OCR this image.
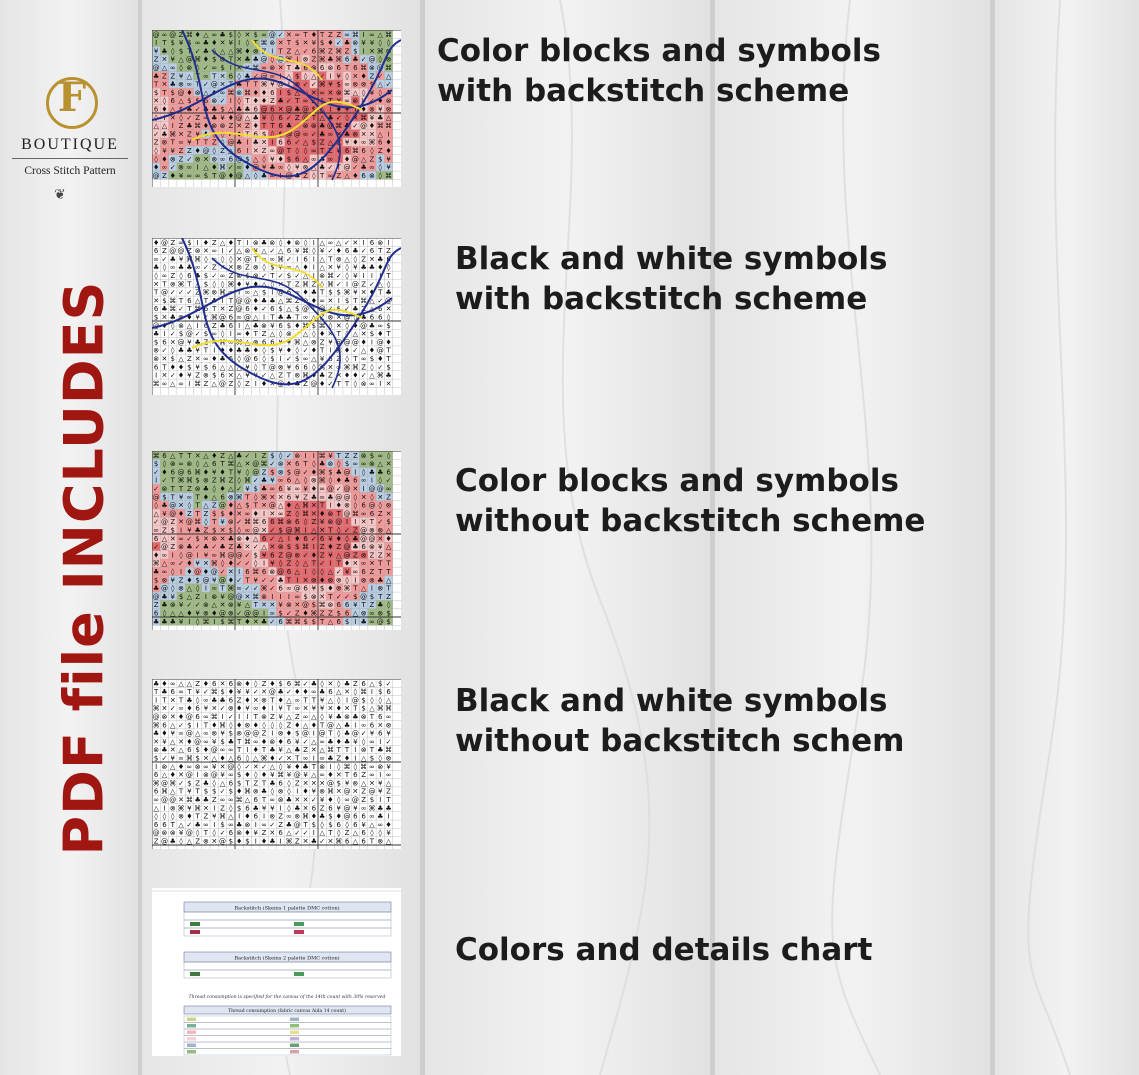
F
BOUTIQUE
Cross Stitch Pattern
❦
PDF file INCLUDES
@ ∞ @ Z ⌘ ♦ △ ∞ ♣ $ ◊ ✕ $ ∞ @ ✓ ✕ ∞ T ♦ T Z Z ∞ ⌘ I ∞ △ ⌘
I T $ ¥ $ ∞ ♣ ♦ ✕ ¥ I ◊ T ⌘ ⊗ ✕ T $ ✕ ¥ $ ♦ ✓ ♣ ⊗ ¥ ¥ ◊ ◊
¥ ♣ ◊ $ T ✓ ♣ ◊ △ △ ⌘ ♦ ⊗ Z I T Z △ ✓ 6 ⌘ Z ⌘ Z $ I ✕ ⌘ ⊗
Z ✕ ¥ △ @ ⌘ ♦ $ ⊗ T ✕ ♣ ♣ @ ◊ @ ⌘ I ⊗ Z ⌘ ♣ ⌘ 6 ♣ ✓ @ ◊ ⊗
@ △ ∞ ◊ ⊗ ◊ ✓ ∞ $ I ✕ ✕ ⌘ ∞ ⊗ ✕ T ♣ 6 ⊗ 6 ⊗ 6 T 6 ⌘ ⊗ @ ⌘
♣ Z Z ¥ △ T ∞ T ✕ 6 ◊ ♣ ✓ @ ∞ I △ $ ◊ △ ✓ I ¥ ◊ ✕ ♦ Z ✓ △
T ✕ ♣ ⊗ ∞ T ✓ @ ✕ T ♣ T T ⌘ ¥ @ I ⊗ ✓ ✓ ⌘ ¥ $ ∞ ⊗ ⊗ $ △ ✓
$ T $ @ ♦ ⊗ △ ♦ ∞ ⌘ ⊗ ⌘ ♦ ♦ 6 I $ △ ∞ ✕ ∞ ✕ ⊗ ⌘ △ ◊ ¥ ◊ ♣
✕ ◊ 6 △ $ $ 6 ⊗ ✓ I ◊ T ♦ ♦ Z ♣ ✓ T ∞ Z ◊ T ✕ ∞ ⊗ ¥ ✓ ♦ ⊗
6 ♦ △ $ ♣ ✓ ♣ ♣ $ △ ♣ ♣ 6 @ 6 ✕ @ ♣ @ $ △ I ♦ ¥ I ♦ ⊗ ¥ ⊗
◊ I ✕ ◊ ✓ Z ∞ ♣ ¥ ♦ @ △ ♣ ¥ ◊ 6 ✓ Z @ T △ ♣ ✓ ◊ ✕ ⌘ ¥ ♣ △
△ △ I Z ♣ ⌘ ♦ ⊗ ⊗ Z ✕ Z ♦ T T 6 ♣ ✓ ⊗ ⊗ ♣ @ ⌘ ♣ ✓ @ ♦ ⌘ ⌘
✓ ♣ ⌘ ✕ Z ¥ ♣ ◊ ◊ ✓ ♦ T 6 $ ◊ $ @ @ ∞ ✓ ♣ ∞ ✕ ♣ ⊗ ✕ ✕ △ I
Z ⊗ T ∞ ¥ T T Z ◊ @ ♣ I ♣ ✕ I 6 6 ✓ △ $ Z △ Z ¥ ♦ ∞ ⌘ 6 ♦
◊ ¥ ¥ Z Z ♦ @ ◊ Z △ 6 I ✕ Z ∞ @ T ◊ ◊ ∞ T Z ¥ 6 ⌘ 6 ◊ Z ♦
◊ ♦ ⊗ Z ✓ ⊗ ✕ ⊗ ∞ 6 @ $ △ ◊ ¥ ♦ $ 6 △ ∞ ♣ ∞ I ♦ @ △ Z $ ¥
♦ ∞ ✓ ⊗ ∞ I △ ♦ ⌘ ✓ ∞ ♦ @ ¥ ♣ ∞ ◊ ¥ ⊗ △ ♣ ✓ T @ ✓ ♣ ∞ ◊ ¥
@ Z ♦ ¥ ∞ ∞ $ T @ ♦ @ △ ◊ ♣ ∞ I @ ♣ Z ◊ T ∞ Z △ ♦ 6 ⊗ ◊ ⌘
♦ @ Z ∞ $ I ♦ Z △ ♦ T I ⊗ ♣ ⊗ ◊ ♦ ⊗ ◊ I △ ∞ △ ✓ ✕ I 6 ⊗ I
6 Z @ @ Z ⊗ ✕ ∞ I ✓ △ ⊗ ¥ △ ✓ △ 6 ¥ ⌘ ◊ ¥ ✓ ♦ 6 ♣ ✓ 6 T Z
∞ ✓ ♣ ¥ ⌘ ⌘ ◊ ∞ ◊ ◊ ✕ @ T ∞ ∞ ⌘ ✓ I 6 I △ T ⊗ △ ◊ Z ✕ ♣ 6
♣ ◊ ∞ ♣ ♣ ∞ ✓ Z ✕ ✕ ⊗ Z ⊗ ◊ $ ¥ ∞ △ ♦ I △ ✕ ¥ ◊ ¥ ♣ ♣ ♦ ◊
◊ ∞ Z ◊ 6 ♣ $ ✓ ∞ Z ⊗ $ ⊗ ✓ T ✓ $ ✓ △ I ⊗ ⌘ ✓ ◊ ¥ I I I T
✕ T ⊗ ⌘ T △ $ ◊ ◊ ⌘ ♦ ¥ ♦ △ ◊ ✕ T Z ⌘ Z ◊ ⌘ ✓ I @ Z ✓ △ ◊
T @ ✓ ✓ ✓ Z ⌘ ⊗ ⌘ ∞ T ∞ △ $ I @ 6 ∞ ♦ ♣ T $ $ ⌘ ¥ ✕ ♦ T ♣
✕ $ ⌘ T 6 △ T ♣ I T @ @ ♦ ♣ ♣ △ ⌘ Z ⊗ ♦ ∞ ✕ I $ T ⌘ △ ✓ @
6 ♣ ⌘ ✓ T ⌘ 6 T ✕ Z @ 6 ♦ ✓ 6 $ △ $ @ T @ ✓ $ ✓ ♣ Z △ 6 ✕
$ ✕ ♣ ⊗ ♦ ¥ ✓ ⌘ @ 6 ∞ @ △ I T ♣ ♣ T ∞ △ Z ⊗ ✕ @ ◊ ♣ 6 6 ◊
@ ♦ ◊ ⊗ △ I 6 Z ♣ 6 I △ ♣ ⊗ ¥ 6 $ ♦ ⌘ $ ⌘ ◊ ✕ ◊ ♦ @ ♣ ∞ $
♣ I ✓ $ @ ✓ $ ∞ ◊ I ∞ ♦ T Z △ ◊ ⊗ ✓ △ ◊ ♦ ✕ T ◊ △ ✕ $ ♦ T
$ 6 ✕ @ ¥ ♣ Z ✕ ⌘ ∞ ⌘ △ ⊗ 6 6 ¥ ¥ ⌘ △ ⊗ Z ¥ @ @ @ ♦ I @ ♦
⊗ ✓ ◊ ♣ ♣ ¥ T I ♦ ♦ ♣ ♣ ♦ ◊ $ ¥ ♦ ◊ ✓ ♦ T I ⌘ ♦ ✓ △ ♦ @ T
⊗ ✕ $ △ Z ✕ ∞ ♦ ♣ 6 ◊ @ 6 ◊ $ I ✓ $ ∞ △ ¥ 6 Z ◊ T ∞ $ ♦ T
6 T ♦ ♦ $ ¥ $ 6 △ △ △ ¥ ◊ T @ ⊗ ¥ 6 6 ◊ ⌘ ✕ ∞ ⌘ ⌘ Z ◊ ✓ $
I ✕ ✓ ♦ ¥ Z ⊗ $ 6 ✕ △ ¥ ¥ ✓ △ Z T ⊗ ⌘ ♦ ♣ Z ✕ ♦ ♦ ✓ △ ⌘ ♣
⌘ ∞ △ ∞ I ⌘ Z △ @ Z ◊ Z I ♦ ✕ @ ♦ ♣ Z @ ♦ ✓ T T ◊ ⊗ ∞ I ✕
⌘ 6 △ T T ✕ △ ♦ Z △ ♣ ✓ I Z $ ◊ ✓ ⊗ I I ⌘ ¥ T Z Z ⊗ $ ∞ ◊
$ ◊ ⊗ ∞ ⊗ ◊ △ 6 T ⌘ △ ✕ @ ⌘ ✓ ⊗ ✕ 6 T ◊ ♣ ⊗ ◊ $ ∞ ∞ ⊗ △ ✕
✓ ♦ 6 @ 6 ⌘ ♦ ¥ ♦ T ¥ ◊ @ Z $ ⊗ $ @ ✓ ♦ ⌘ $ ♣ @ I ◊ ♣ ♣ 6
I ✓ T ⌘ ⌘ $ ⊗ Z ⌘ Z ◊ ⌘ ✓ ♣ ¥ ∞ 6 △ ◊ ⊗ ⌘ ◊ ♦ ♣ 6 ∞ I ◊ ✓
✓ ⊗ T T Z ⊗ ♣ ◊ ♦ △ ✓ ¥ $ ♣ ∞ 6 ¥ ∞ ¥ ♦ ∞ @ ✓ @ ✕ I @ @ ∞
@ $ T ¥ ∞ T ♦ △ 6 ⊗ ⌘ T ◊ ⌘ ✕ ✕ 6 ¥ Z ♣ ∞ ♣ @ @ ◊ ✕ ◊ ✕ Z
◊ ♣ @ ✕ ◊ T △ Z @ ♦ △ $ T ✕ @ △ ♦ △ ⌘ ✕ T I ♦ ⊗ ◊ 6 @ ◊ ⊗
△ ¥ @ ♦ Z T Z $ $ ♦ ✕ ∞ ♦ I ✕ ∞ Z ◊ ⌘ ✕ ♦ ⊗ T @ ⌘ ∞ 6 Z ✕
✓ @ Z ✕ @ ⌘ ◊ T ¥ ⊗ ✓ ⌘ ⌘ 6 6 ⌘ ⊗ 6 ◊ Z ¥ ⊗ @ I I ✕ T ✓ $
∞ Z $ I ¥ ♣ Z $ ✕ $ ◊ ∞ @ ✕ ✓ $ @ ⌘ I △ ✕ T ◊ ✓ Z @ ⊗ ⊗ △
6 △ ✕ ∞ ✓ $ ✕ ⊗ ✕ ♣ ⊗ ♦ △ 6 ✓ △ I ♦ 6 ✓ 6 ¥ ♦ ◊ ♣ @ @ ✕ ♦
✓ @ Z ⊗ ♣ ✓ ♣ ✓ ♣ Z ♣ ✕ ✓ △ ✕ ⊗ $ $ ⌘ I Z ♦ Z @ ♣ 6 ⊗ ¥ △
♦ ∞ I ◊ @ I ¥ ∞ ⌘ @ @ ✓ $ ¥ 6 Z @ ⊗ ✓ ♦ Z ¥ △ @ Z ⊗ Z Z ✕
⌘ △ ∞ ✓ ♦ ¥ ✕ ⌘ ◊ ♦ ✓ ✓ ◊ I ¥ ◊ Z ◊ △ T ✓ I T ♦ ✕ ∞ ✕ T T
♣ ∞ ◊ I ♦ @ ♦ @ ✓ ✕ I 6 ⌘ 6 ⊗ @ 6 △ I ◊ ◊ △ ✓ ¥ ∞ 6 Z T T
$ ⊗ ¥ Z ♦ $ @ ¥ @ ♦ ✓ T ¥ ✓ ✓ ♣ T I ✕ ⊗ ♦ ⊗ ⊗ ◊ I ⊗ ⊗ ♣ △
♣ @ ◊ ⊗ △ ◊ I ∞ T ⌘ ∞ ✓ ✓ ⌘ ✓ 6 ∞ @ 6 ¥ $ ♦ ⊗ ⌘ T △ I ⊗ T
@ ♣ ¥ $ △ Z I ⊗ ¥ @ @ ✕ ⌘ ⊗ I I I ∞ $ ⊗ ✕ T ✓ ✓ $ @ $ T Z
Z ♣ ⊗ ¥ ✓ ✓ ⊗ △ ✕ ⊗ ¥ △ T ✕ ✕ ¥ ⊗ ✕ @ $ ⌘ ⊗ 6 6 ¥ T Z ♣ ◊
6 ◊ △ △ ♦ ¥ ⊗ ♦ @ ⊗ ✓ @ @ I ∞ $ ✓ Z ♦ ⌘ Z Z $ 6 △ ⊗ ∞ ⊗ $
♣ ♣ ♣ ¥ I ◊ ⌘ I $ ⌘ T ♦ ✕ ♣ ✓ 6 ⌘ ⌘ $ $ T △ 6 $ I ♣ ∞ @ $
♣ ♦ ∞ △ △ Z ♦ 6 ✕ 6 ⊗ ♦ ◊ Z ♦ $ 6 ⌘ ✓ ♣ ◊ ✕ ◊ ♣ Z 6 △ $ ✓
T ♣ 6 ∞ T ¥ ✓ ⌘ $ ♦ ¥ ¥ ✓ ✕ @ ♣ ✓ ♦ ♦ ∞ ♣ 6 △ ✕ ◊ ⌘ I $ 6
I T ✕ T ♣ ◊ ∞ ♣ ♣ 6 Z ♦ ✕ ⊗ T ♦ △ ∞ T T ¥ △ ◊ I @ $ ◊ ◊ △
⌘ ✕ ✓ ∞ ♦ 6 ¥ ✕ ✓ ⊗ ♦ ¥ ∞ ♦ I ¥ T ∞ ✕ ¥ ¥ ✕ ♦ ✕ T $ △ ⌘ ⌘
@ ⊗ ✕ ♦ @ 6 ∞ ⌘ I ✓ I I T ⊗ Z ¥ △ Z ∞ △ ◊ ¥ ♣ ⊗ ♣ ⊗ T 6 ∞
⌘ 6 △ ✓ $ I T ♦ ⌘ ◊ ♦ ⊗ ♦ ◊ ◊ ◊ Z ♦ △ ♦ T @ △ ♣ I ∞ 6 ✕ ⊗
♣ ♦ ¥ ∞ @ △ ∞ ⊗ ¥ $ ⊗ @ @ Z I ⊗ ♦ $ @ I @ T ◊ ♣ @ ✓ ¥ 6 ¥
✕ ¥ △ ✕ ♦ @ ∞ ¥ $ ♣ T ⌘ ∞ ♦ ⊗ ♦ 6 ¥ ✓ △ ∞ ♣ ♦ ♣ ¥ ◊ ∞ I ✓
⊗ ♣ ✕ △ 6 $ ♦ @ ∞ ∞ T I ♦ T ♣ ¥ △ ♣ Z ✕ △ ⌘ T T I ⊗ T ♣ ⌘
$ ✓ ¥ ∞ ⌘ $ ✕ △ ♦ △ 6 ◊ △ ⌘ ♦ ✓ ✕ T ∞ I ∞ ♣ Z ♦ I △ $ ◊ ⊗
I ⊗ △ ♦ ∞ ⊗ ∞ ¥ ✕ @ ◊ ✓ ✕ ✓ △ ◊ ¥ ♦ ♣ T ⊗ I ◊ ⌘ ◊ ⌘ ∞ ⊗ ¥
6 △ ♦ ✕ @ I ⊗ @ ¥ ∞ $ ♦ ◊ ♦ ¥ ⌘ ¥ @ ¥ △ ∞ ♦ ✕ T 6 Z ∞ I ∞
⌘ @ ⌘ ✓ $ Z ♣ ◊ △ 6 $ T Z T ♣ 6 ◊ Z ✕ ✕ ✕ @ $ ¥ ⊗ △ ✕ ¥ △
6 ⌘ △ T ¥ T $ $ ✓ $ ♦ ⌘ ⊗ ♣ ◊ ⊗ ◊ I ♦ ¥ ⊗ ⌘ ✕ @ ✕ Z @ ¥ Z
∞ @ @ ✕ ⌘ ♣ ♣ Z ∞ ∞ ⌘ △ 6 T ∞ ⊗ ♣ ✕ ✕ ✓ ¥ ♦ ◊ ∞ @ Z $ I T
△ I ⊗ ⌘ ¥ ⌘ ✕ I Z ◊ $ 6 ♣ ¥ ¥ I ◊ ♣ ✕ 6 Z 6 ¥ @ ¥ ∞ ⌘ ♣ ♣
◊ ◊ ◊ ⊗ ♦ T Z ¥ ⌘ △ I ♦ 6 I ⊗ Z ∞ ⊗ ⌘ ♦ ♣ $ ♦ @ 6 6 ∞ ♣ I
6 6 T △ ✓ ♣ ∞ I $ ∞ ♣ ⊗ I ∞ ✓ Z ♣ @ T $ ◊ $ 6 ◊ 6 ¥ △ ∞ ♦
@ ⊗ ⊗ ¥ @ ◊ T ◊ ✓ 6 ⊗ ♦ ¥ Z ✕ 6 △ ✓ ✓ I △ T ◊ Z △ 6 ◊ ◊ ¥
Z @ ♣ ◊ △ Z ⊗ ✕ @ $ ♦ $ I ♦ ♣ I ⌘ Z ✕ ♣ ✓ ✕ ⌘ 6 △ 6 T ⊗ △
Backstitch (Skeins 1 palette DMC cotton)
Backstitch (Skeins 2 palette DMC cotton)
Thread consumption is specified for the canvas of the 14th count with 30% reserved
Thread consumption (fabric canvas Aida 14 count)
Color blocks and symbols
with backstitch scheme
Black and white symbols
with backstitch scheme
Color blocks and symbols
without backstitch scheme
Black and white symbols
without backstitch schem
Colors and details chart
